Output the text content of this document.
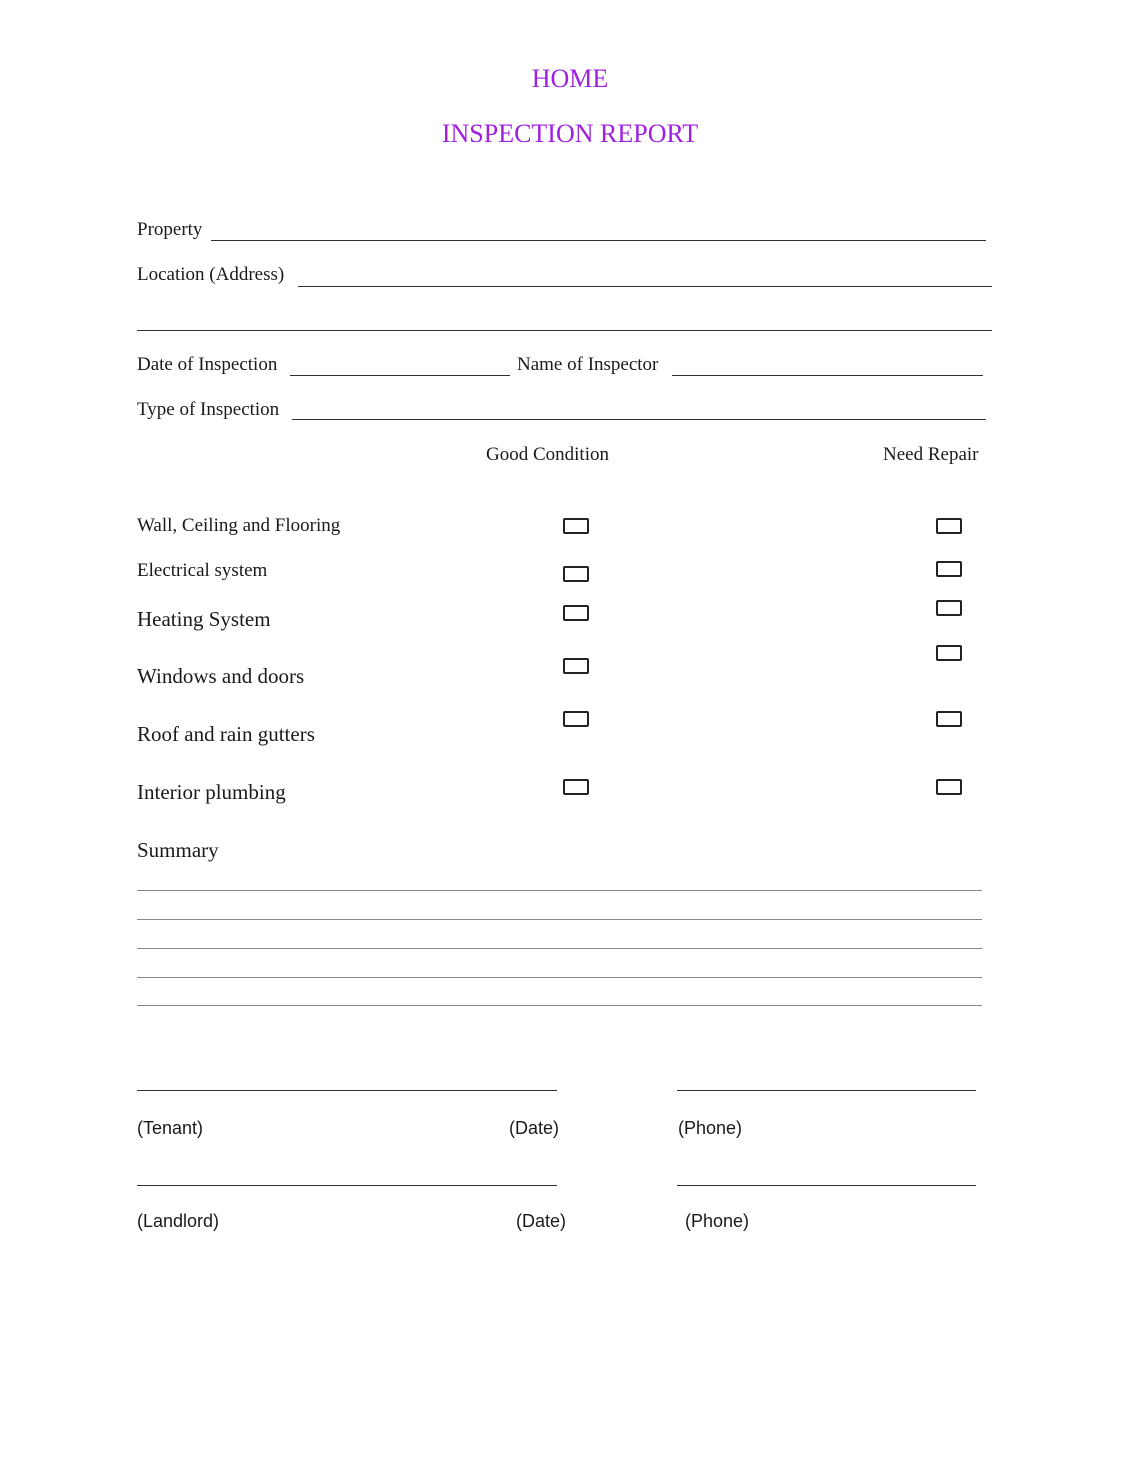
HOME
INSPECTION REPORT
Property
Location (Address)
Date of Inspection	Name of Inspector
Type of Inspection
Good Condition	Need Repair
Wall, Ceiling and Flooring
Electrical system
Heating System
Windows and doors
Roof and rain gutters
Interior plumbing
Summary
(Tenant)	(Date)	(Phone)
(Landlord)	(Date)	(Phone)
